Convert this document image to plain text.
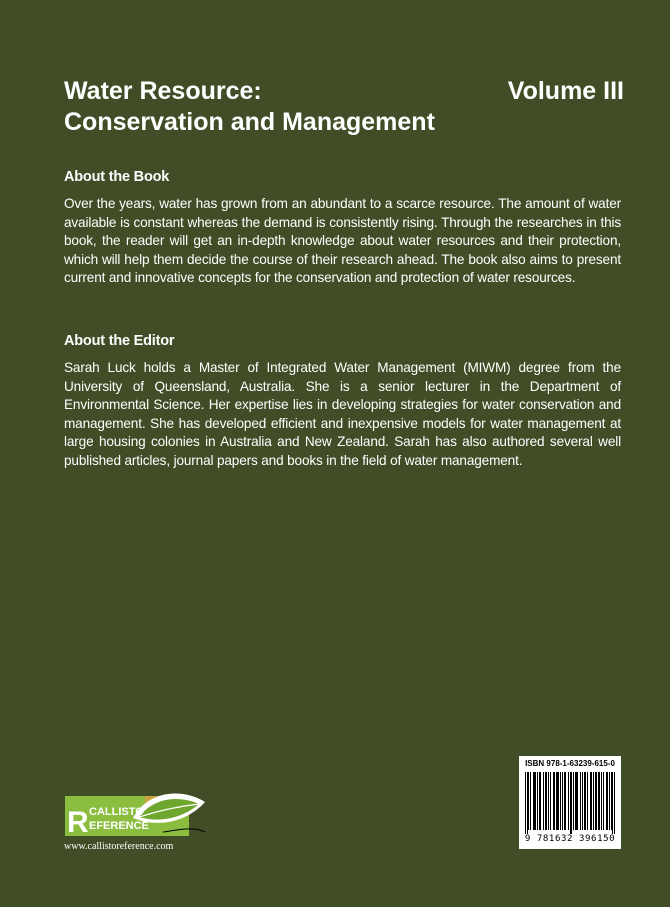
Water Resource:
Conservation and Management
Volume III
About the Book

Over the years, water has grown from an abundant to a scarce resource. The amount of water available is constant whereas the demand is consistently rising. Through the researches in this book, the reader will get an in-depth knowledge about water resources and their protection, which will help them decide the course of their research ahead. The book also aims to present current and innovative concepts for the conservation and protection of water resources.

About the Editor

Sarah Luck holds a Master of Integrated Water Management (MIWM) degree from the University of Queensland, Australia. She is a senior lecturer in the Department of Environmental Science. Her expertise lies in developing strategies for water conservation and management. She has developed efficient and inexpensive models for water management at large housing colonies in Australia and New Zealand. Sarah has also authored several well published articles, journal papers and books in the field of water management.

R CALLISTO
EFERENCE
www.callistoreference.com
ISBN 978-1-63239-615-0
9 781632 396150
